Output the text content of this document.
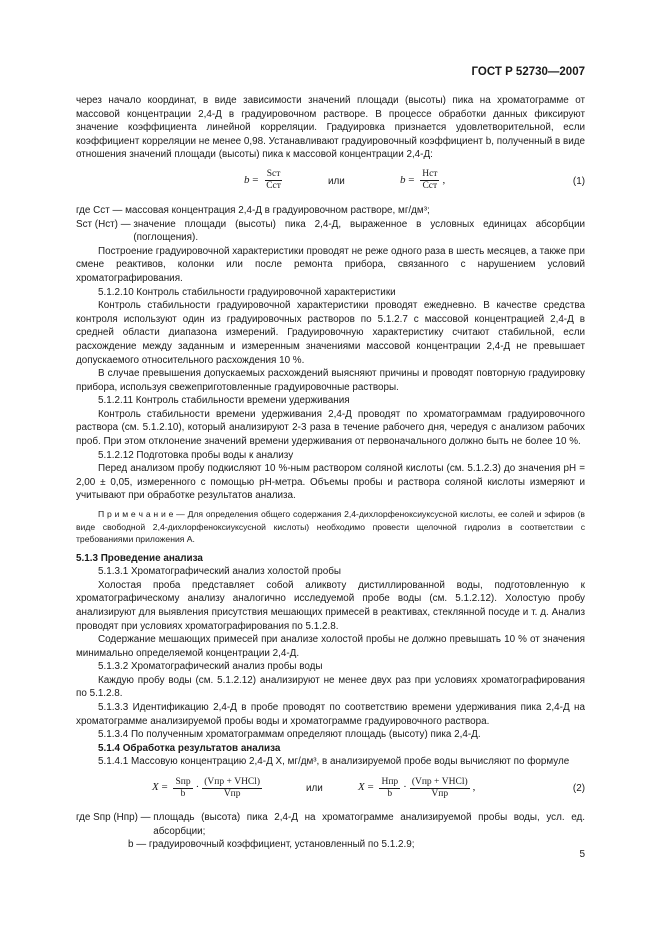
ГОСТ Р 52730—2007

через начало координат, в виде зависимости значений площади (высоты) пика на хроматограмме от массовой концентрации 2,4-Д в градуировочном растворе. В процессе обработки данных фиксируют значение коэффициента линейной корреляции. Градуировка признается удовлетворительной, если коэффициент корреляции не менее 0,98. Устанавливают градуировочный коэффициент b, полученный в виде отношения значений площади (высоты) пика к массовой концентрации 2,4-Д:

$b = \frac{\text{Sст}}{\text{Cст}}$	или	$b = \frac{\text{Hст}}{\text{Cст}}$ ,	(1)
где Cст —
массовая концентрация 2,4-Д в градуировочном растворе, мг/дм³;
Sст (Hст) —
значение площади (высоты) пика 2,4-Д, выраженное в условных единицах абсорбции (поглощения).

Построение градуировочной характеристики проводят не реже одного раза в шесть месяцев, а также при смене реактивов, колонки или после ремонта прибора, связанного с нарушением условий хроматографирования.

5.1.2.10 Контроль стабильности градуировочной характеристики

Контроль стабильности градуировочной характеристики проводят ежедневно. В качестве средства контроля используют один из градуировочных растворов по 5.1.2.7 с массовой концентрацией 2,4-Д в средней области диапазона измерений. Градуировочную характеристику считают стабильной, если расхождение между заданным и измеренным значениями массовой концентрации 2,4-Д не превышает допускаемого относительного расхождения 10 %.

В случае превышения допускаемых расхождений выясняют причины и проводят повторную градуировку прибора, используя свежеприготовленные градуировочные растворы.

5.1.2.11 Контроль стабильности времени удерживания

Контроль стабильности времени удерживания 2,4-Д проводят по хроматограммам градуировочного раствора (см. 5.1.2.10), который анализируют 2-3 раза в течение рабочего дня, чередуя с анализом рабочих проб. При этом отклонение значений времени удерживания от первоначального должно быть не более 10 %.

5.1.2.12 Подготовка пробы воды к анализу

Перед анализом пробу подкисляют 10 %-ным раствором соляной кислоты (см. 5.1.2.3) до значения pH = 2,00 ± 0,05, измеренного с помощью pH-метра. Объемы пробы и раствора соляной кислоты измеряют и учитывают при обработке результатов анализа.

П р и м е ч а н и е — Для определения общего содержания 2,4-дихлорфеноксиуксусной кислоты, ее солей и эфиров (в виде свободной 2,4-дихлорфеноксиуксусной кислоты) необходимо провести щелочной гидролиз в соответствии с требованиями приложения А.

5.1.3 Проведение анализа

5.1.3.1 Хроматографический анализ холостой пробы

Холостая проба представляет собой аликвоту дистиллированной воды, подготовленную к хроматографическому анализу аналогично исследуемой пробе воды (см. 5.1.2.12). Холостую пробу анализируют для выявления присутствия мешающих примесей в реактивах, стеклянной посуде и т. д. Анализ проводят при условиях хроматографирования по 5.1.2.8.

Содержание мешающих примесей при анализе холостой пробы не должно превышать 10 % от значения минимально определяемой концентрации 2,4-Д.

5.1.3.2 Хроматографический анализ пробы воды

Каждую пробу воды (см. 5.1.2.12) анализируют не менее двух раз при условиях хроматографирования по 5.1.2.8.

5.1.3.3 Идентификацию 2,4-Д в пробе проводят по соответствию времени удерживания пика 2,4-Д на хроматограмме анализируемой пробы воды и хроматограмме градуировочного раствора.

5.1.3.4 По полученным хроматограммам определяют площадь (высоту) пика 2,4-Д.

5.1.4 Обработка результатов анализа

5.1.4.1 Массовую концентрацию 2,4-Д X, мг/дм³, в анализируемой пробе воды вычисляют по формуле

$X = \frac{\text{Sпр}}{b} \cdot \frac{\text{(Vпр + VHCl)}}{\text{Vпр}}$	или	$X = \frac{\text{Hпр}}{b} \cdot \frac{\text{(Vпр + VHCl)}}{\text{Vпр}}$ ,	(2)
где Sпр (Hпр) —
площадь (высота) пика 2,4-Д на хроматограмме анализируемой пробы воды, усл. ед. абсорбции;
b —
градуировочный коэффициент, установленный по 5.1.2.9;
5
